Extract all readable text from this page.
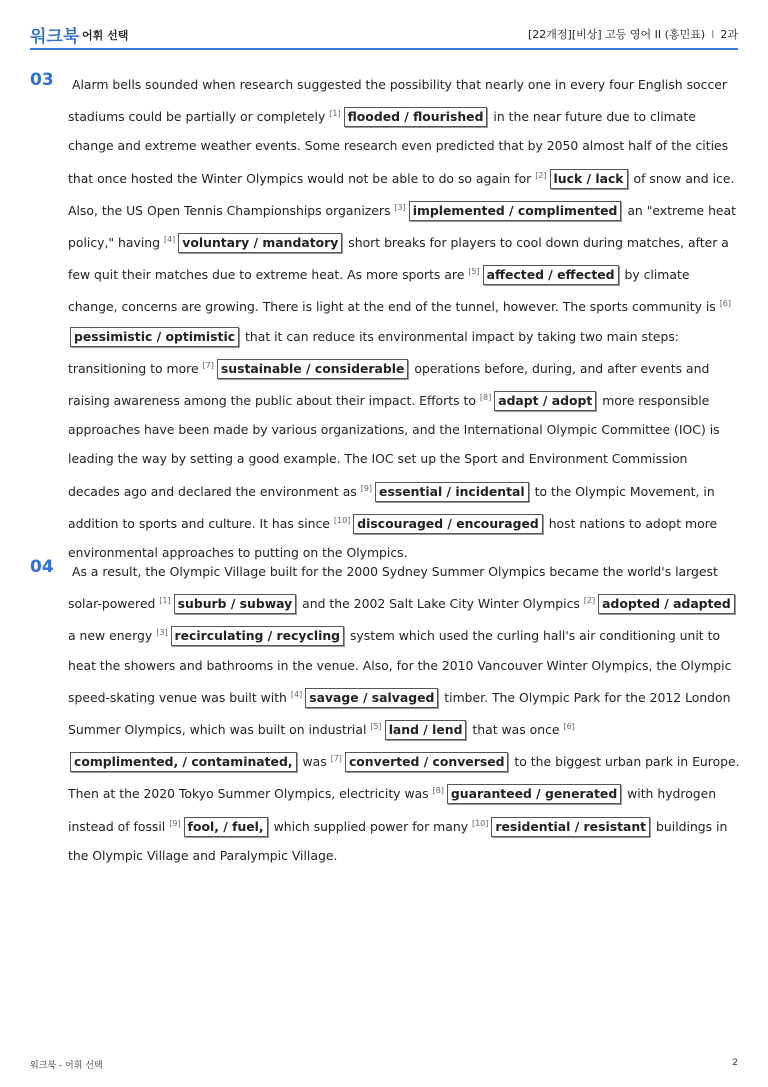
워크북 어휘 선택	[22개정][비상] 고등 영어 II (홍민표) I 2과
03	Alarm bells sounded when research suggested the possibility that nearly one in every four English soccer stadiums could be partially or completely [1] flooded / flourished in the near future due to climate change and extreme weather events. Some research even predicted that by 2050 almost half of the cities that once hosted the Winter Olympics would not be able to do so again for [2] luck / lack of snow and ice. Also, the US Open Tennis Championships organizers [3] implemented / complimented an "extreme heat policy," having [4] voluntary / mandatory short breaks for players to cool down during matches, after a few quit their matches due to extreme heat. As more sports are [5] affected / effected by climate change, concerns are growing. There is light at the end of the tunnel, however. The sports community is [6]pessimistic / optimistic that it can reduce its environmental impact by taking two main steps: transitioning to more [7] sustainable / considerable operations before, during, and after events and raising awareness among the public about their impact. Efforts to [8] adapt / adopt more responsible approaches have been made by various organizations, and the International Olympic Committee (IOC) is leading the way by setting a good example. The IOC set up the Sport and Environment Commission decades ago and declared the environment as [9] essential / incidental to the Olympic Movement, in addition to sports and culture. It has since [10] discouraged / encouraged host nations to adopt more environmental approaches to putting on the Olympics.
04	As a result, the Olympic Village built for the 2000 Sydney Summer Olympics became the world's largest solar-powered [1] suburb / subway and the 2002 Salt Lake City Winter Olympics [2] adopted / adapted a new energy [3] recirculating / recycling system which used the curling hall's air conditioning unit to heat the showers and bathrooms in the venue. Also, for the 2010 Vancouver Winter Olympics, the Olympic speed-skating venue was built with [4] savage / salvaged timber. The Olympic Park for the 2012 London Summer Olympics, which was built on industrial [5] land / lend that was once [6]complimented, / contaminated, was [7] converted / conversed to the biggest urban park in Europe. Then at the 2020 Tokyo Summer Olympics, electricity was [8] guaranteed / generated with hydrogen instead of fossil [9] fool, / fuel, which supplied power for many [10] residential / resistant buildings in the Olympic Village and Paralympic Village.
워크북 - 어휘 선택	2
